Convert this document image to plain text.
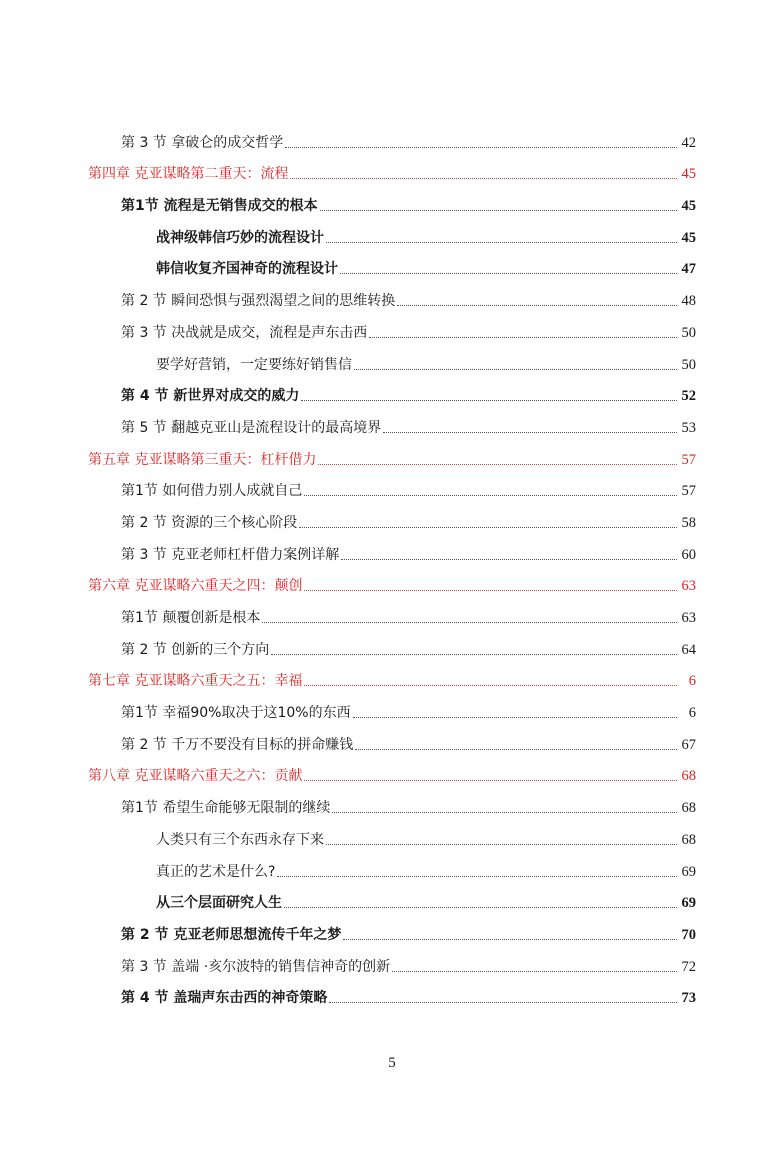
第 3 节 拿破仑的成交哲学	42
第四章 克亚谋略第二重天：流程	45
第1节 流程是无销售成交的根本	45
战神级韩信巧妙的流程设计	45
韩信收复齐国神奇的流程设计	47
第 2 节 瞬间恐惧与强烈渴望之间的思维转换	48
第 3 节 决战就是成交，流程是声东击西	50
要学好营销，一定要练好销售信	50
第 4 节 新世界对成交的威力	52
第 5 节 翻越克亚山是流程设计的最高境界	53
第五章 克亚谋略第三重天：杠杆借力	57
第1节 如何借力别人成就自己	57
第 2 节 资源的三个核心阶段	58
第 3 节 克亚老师杠杆借力案例详解	60
第六章 克亚谋略六重天之四：颠创	63
第1节 颠覆创新是根本	63
第 2 节 创新的三个方向	64
第七章 克亚谋略六重天之五：幸福	6
第1节 幸福90%取决于这10%的东西	6
第 2 节 千万不要没有目标的拼命赚钱	67
第八章 克亚谋略六重天之六：贡献	68
第1节 希望生命能够无限制的继续	68
人类只有三个东西永存下来	68
真正的艺术是什么?	69
从三个层面研究人生	69
第 2 节 克亚老师思想流传千年之梦	70
第 3 节 盖端 ·亥尔波特的销售信神奇的创新	72
第 4 节 盖瑞声东击西的神奇策略	73
5
